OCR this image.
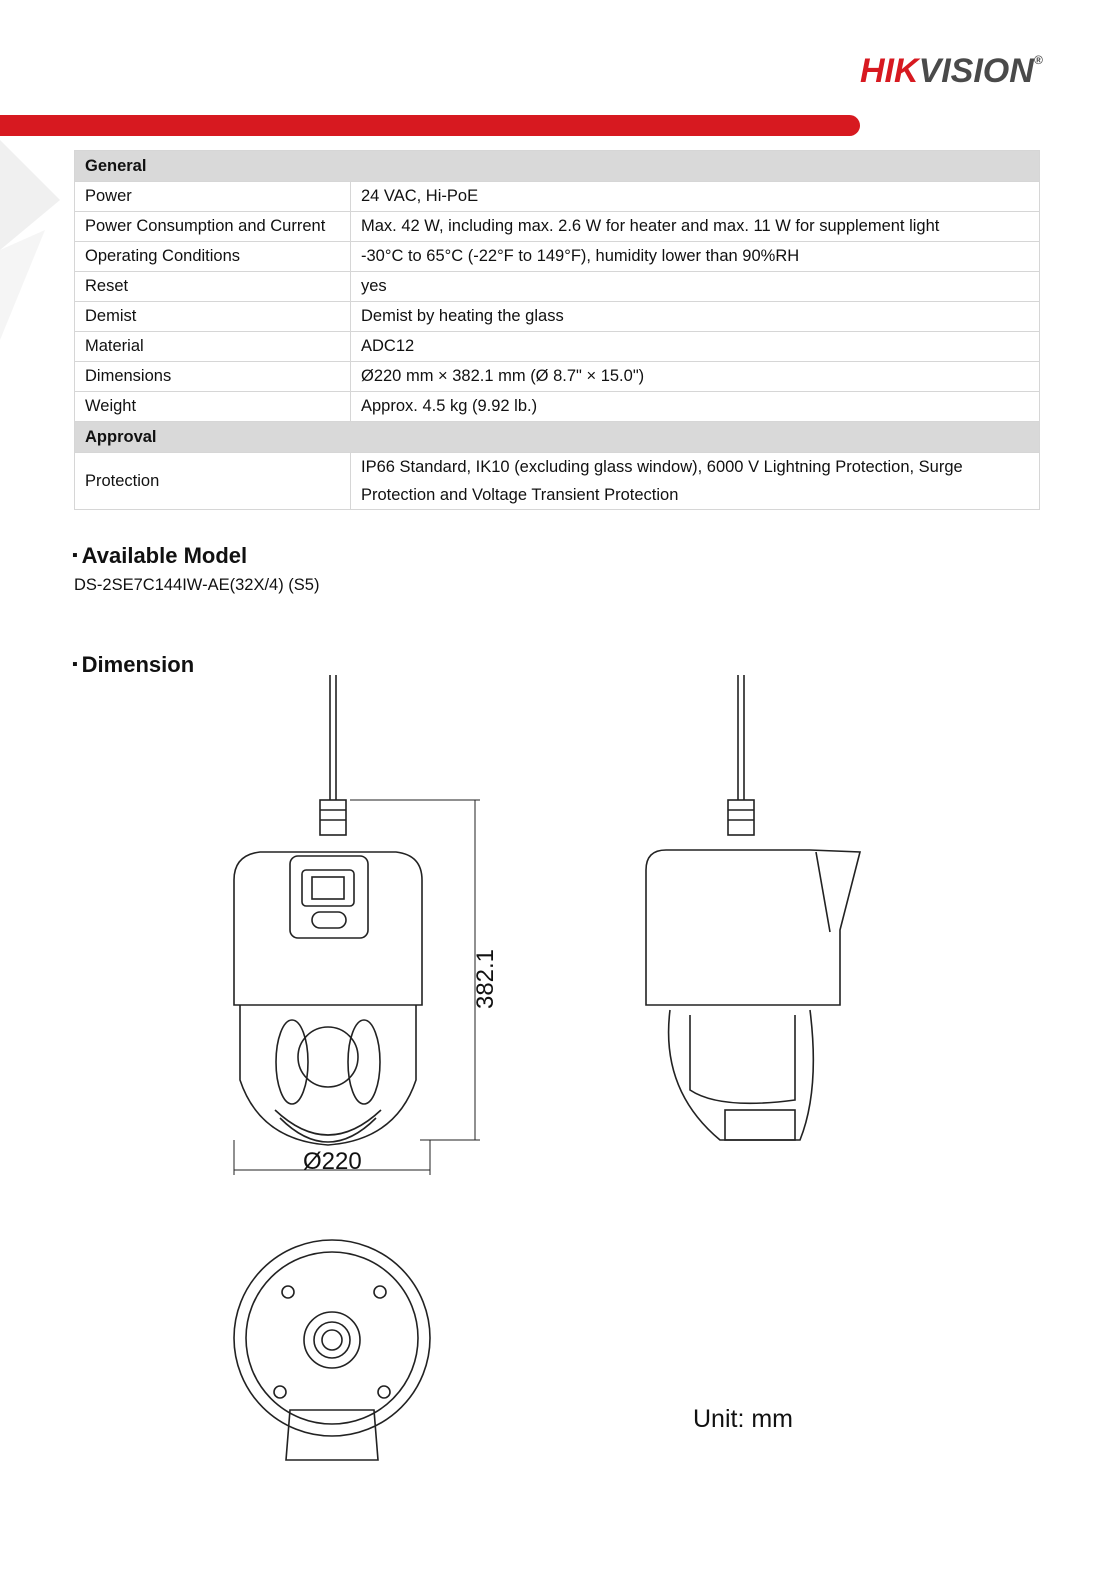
HIKVISION®
General	
Power	24 VAC, Hi-PoE
Power Consumption and Current	Max. 42 W, including max. 2.6 W for heater and max. 11 W for supplement light
Operating Conditions	-30°C to 65°C (-22°F to 149°F), humidity lower than 90%RH
Reset	yes
Demist	Demist by heating the glass
Material	ADC12
Dimensions	Ø220 mm × 382.1 mm (Ø 8.7" × 15.0")
Weight	Approx. 4.5 kg (9.92 lb.)
Approval	
Protection	IP66 Standard, IK10 (excluding glass window), 6000 V Lightning Protection, Surge Protection and Voltage Transient Protection
▪ Available Model
DS-2SE7C144IW-AE(32X/4) (S5)
▪ Dimension
382.1
Ø220
Unit: mm
